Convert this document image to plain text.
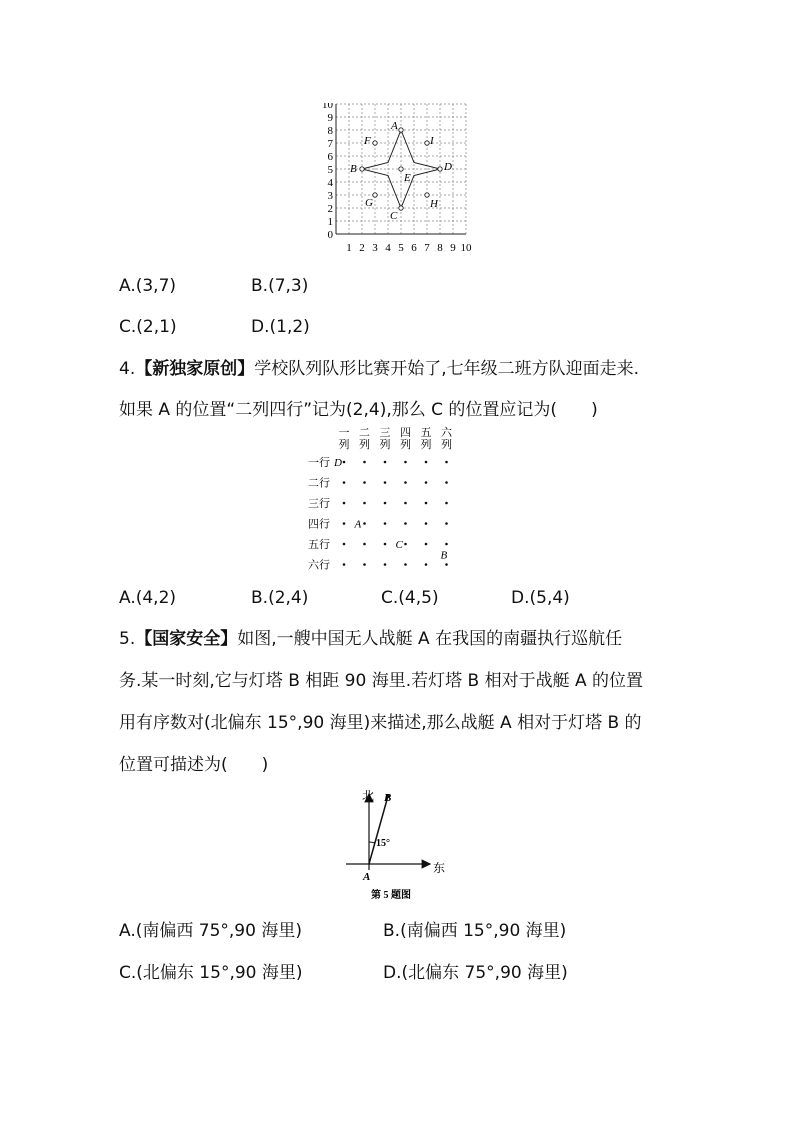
10
9
8
7
6
5
4
3
2
1
0
1 2 3 4 5 6 7 8 9 10
A
B
C
D
E
F
G	H
I
A.(3,7)	B.(7,3)
C.(2,1)	D.(1,2)
4.【新独家原创】学校队列队形比赛开始了,七年级二班方队迎面走来.
如果 A 的位置“二列四行”记为(2,4),那么 C 的位置应记为(　　)
一
列
二
列
三
列
四
列
五
列
六
列
一行 D
二行
三行
四行 A
五行	C
六行
B
A.(4,2)	B.(2,4)	C.(4,5)	D.(5,4)
5.【国家安全】如图,一艘中国无人战艇 A 在我国的南疆执行巡航任
务.某一时刻,它与灯塔 B 相距 90 海里.若灯塔 B 相对于战艇 A 的位置
用有序数对(北偏东 15°,90 海里)来描述,那么战艇 A 相对于灯塔 B 的
位置可描述为(　　)
北
东
A
B
15°
第 5 题图
A.(南偏西 75°,90 海里)	B.(南偏西 15°,90 海里)
C.(北偏东 15°,90 海里)	D.(北偏东 75°,90 海里)
